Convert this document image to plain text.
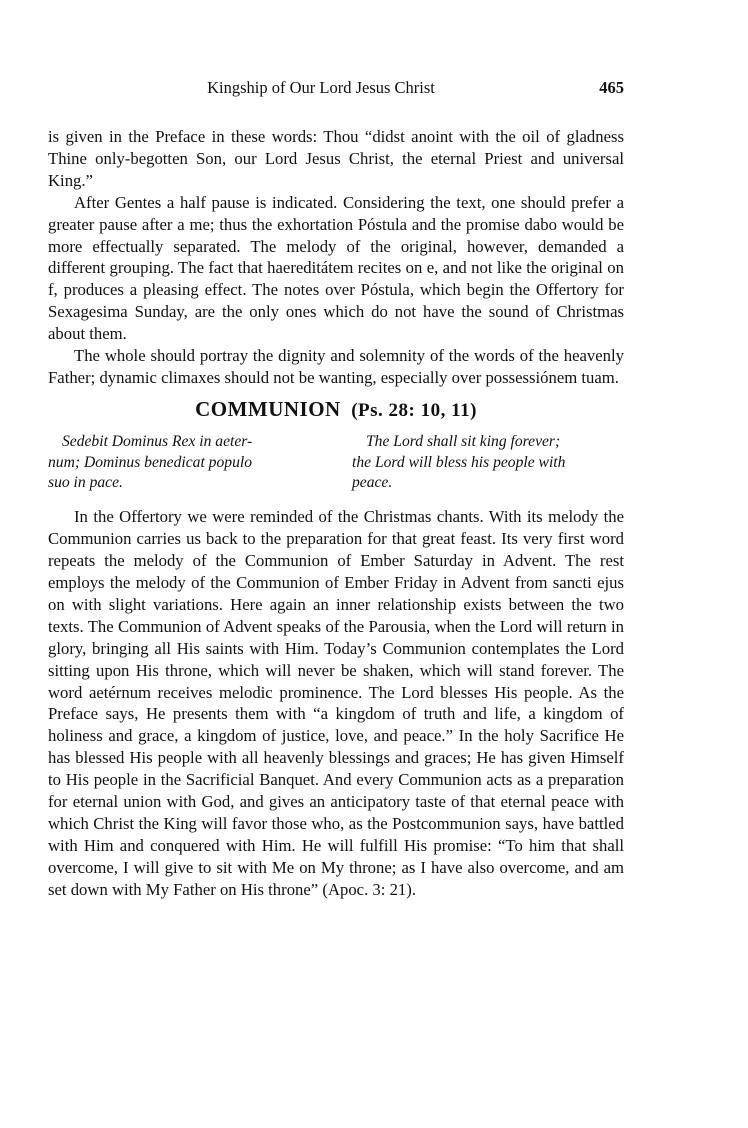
Kingship of Our Lord Jesus Christ	465

is given in the Preface in these words: Thou “didst anoint with the oil of gladness Thine only-begotten Son, our Lord Jesus Christ, the eternal Priest and universal King.”

After Gentes a half pause is indicated. Considering the text, one should prefer a greater pause after a me; thus the exhortation Póstula and the promise dabo would be more effectually separated. The melody of the original, however, demanded a different grouping. The fact that haereditátem recites on e, and not like the original on f, produces a pleasing effect. The notes over Póstula, which begin the Offertory for Sexagesima Sunday, are the only ones which do not have the sound of Christmas about them.

The whole should portray the dignity and solemnity of the words of the heavenly Father; dynamic climaxes should not be wanting, especially over possessiónem tuam.

COMMUNION (Ps. 28: 10, 11)
Sedebit Dominus Rex in aeter-
num; Dominus benedicat populo
suo in pace.
The Lord shall sit king forever;
the Lord will bless his people with
peace.

In the Offertory we were reminded of the Christmas chants. With its melody the Communion carries us back to the preparation for that great feast. Its very first word repeats the melody of the Communion of Ember Saturday in Advent. The rest employs the melody of the Communion of Ember Friday in Advent from sancti ejus on with slight variations. Here again an inner relationship exists between the two texts. The Communion of Advent speaks of the Parousia, when the Lord will return in glory, bringing all His saints with Him. Today’s Communion contemplates the Lord sitting upon His throne, which will never be shaken, which will stand forever. The word aetérnum receives melodic prominence. The Lord blesses His people. As the Preface says, He presents them with “a kingdom of truth and life, a kingdom of holiness and grace, a kingdom of justice, love, and peace.” In the holy Sacrifice He has blessed His people with all heavenly blessings and graces; He has given Himself to His people in the Sacrificial Banquet. And every Communion acts as a preparation for eternal union with God, and gives an anticipatory taste of that eternal peace with which Christ the King will favor those who, as the Postcommunion says, have battled with Him and conquered with Him. He will fulfill His promise: “To him that shall overcome, I will give to sit with Me on My throne; as I have also overcome, and am set down with My Father on His throne” (Apoc. 3: 21).
